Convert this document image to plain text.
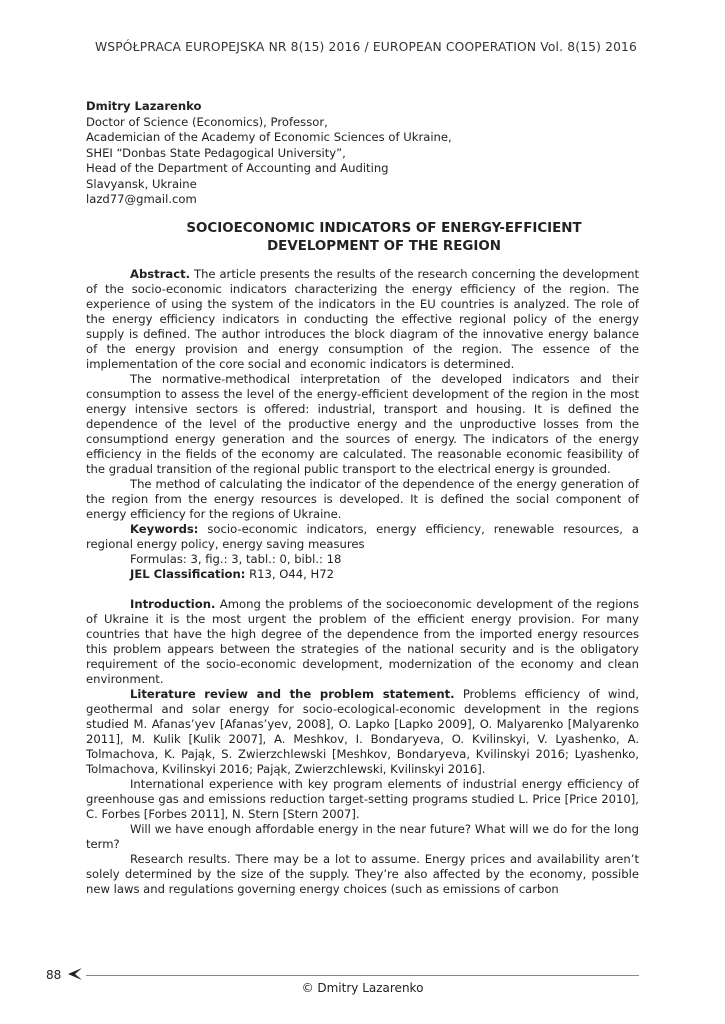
WSPÓŁPRACA EUROPEJSKA NR 8(15) 2016 / EUROPEAN COOPERATION Vol. 8(15) 2016
Dmitry Lazarenko
Doctor of Science (Economics), Professor,
Academician of the Academy of Economic Sciences of Ukraine,
SHEI “Donbas State Pedagogical University”,
Head of the Department of Accounting and Auditing
Slavyansk, Ukraine
lazd77@gmail.com
SOCIOECONOMIC INDICATORS OF ENERGY-EFFICIENT
DEVELOPMENT OF THE REGION

Abstract. The article presents the results of the research concerning the development of the socio-economic indicators characterizing the energy efficiency of the region. The experience of using the system of the indicators in the EU countries is analyzed. The role of the energy efficiency indicators in conducting the effective regional policy of the energy supply is defined. The author introduces the block diagram of the innovative energy balance of the energy provision and energy consumption of the region. The essence of the implementation of the core social and economic indicators is determined.

The normative-methodical interpretation of the developed indicators and their consumption to assess the level of the energy-efficient development of the region in the most energy intensive sectors is offered: industrial, transport and housing. It is defined the dependence of the level of the productive energy and the unproductive losses from the consumptiond energy generation and the sources of energy. The indicators of the energy efficiency in the fields of the economy are calculated. The reasonable economic feasibility of the gradual transition of the regional public transport to the electrical energy is grounded.

The method of calculating the indicator of the dependence of the energy generation of the region from the energy resources is developed. It is defined the social component of energy efficiency for the regions of Ukraine.

Keywords: socio-economic indicators, energy efficiency, renewable resources, a regional energy policy, energy saving measures

Formulas: 3, fig.: 3, tabl.: 0, bibl.: 18

JEL Classification: R13, O44, H72

Introduction. Among the problems of the socioeconomic development of the regions of Ukraine it is the most urgent the problem of the efficient energy provision. For many countries that have the high degree of the dependence from the imported energy resources this problem appears between the strategies of the national security and is the obligatory requirement of the socio-economic development, modernization of the economy and clean environment.

Literature review and the problem statement. Problems efficiency of wind, geothermal and solar energy for socio-ecological-economic development in the regions studied M. Afanas’yev [Afanas’yev, 2008], O. Lapko [Lapko 2009], O. Malyarenko [Malyarenko 2011], M. Kulik [Kulik 2007], A. Meshkov, I. Bondaryeva, O. Kvilinskyi, V. Lyashenko, A. Tolmachova, K. Pająk, S. Zwierzchlewski [Meshkov, Bondaryeva, Kvilinskyi 2016; Lyashenko, Tolmachova, Kvilinskyi 2016; Pająk, Zwierzchlewski, Kvilinskyi 2016].

International experience with key program elements of industrial energy efficiency of greenhouse gas and emissions reduction target-setting programs studied L. Price [Price 2010], C. Forbes [Forbes 2011], N. Stern [Stern 2007].

Will we have enough affordable energy in the near future? What will we do for the long term?

Research results. There may be a lot to assume. Energy prices and availability aren’t solely determined by the size of the supply. They’re also affected by the economy, possible new laws and regulations governing energy choices (such as emissions of carbon

88
© Dmitry Lazarenko
